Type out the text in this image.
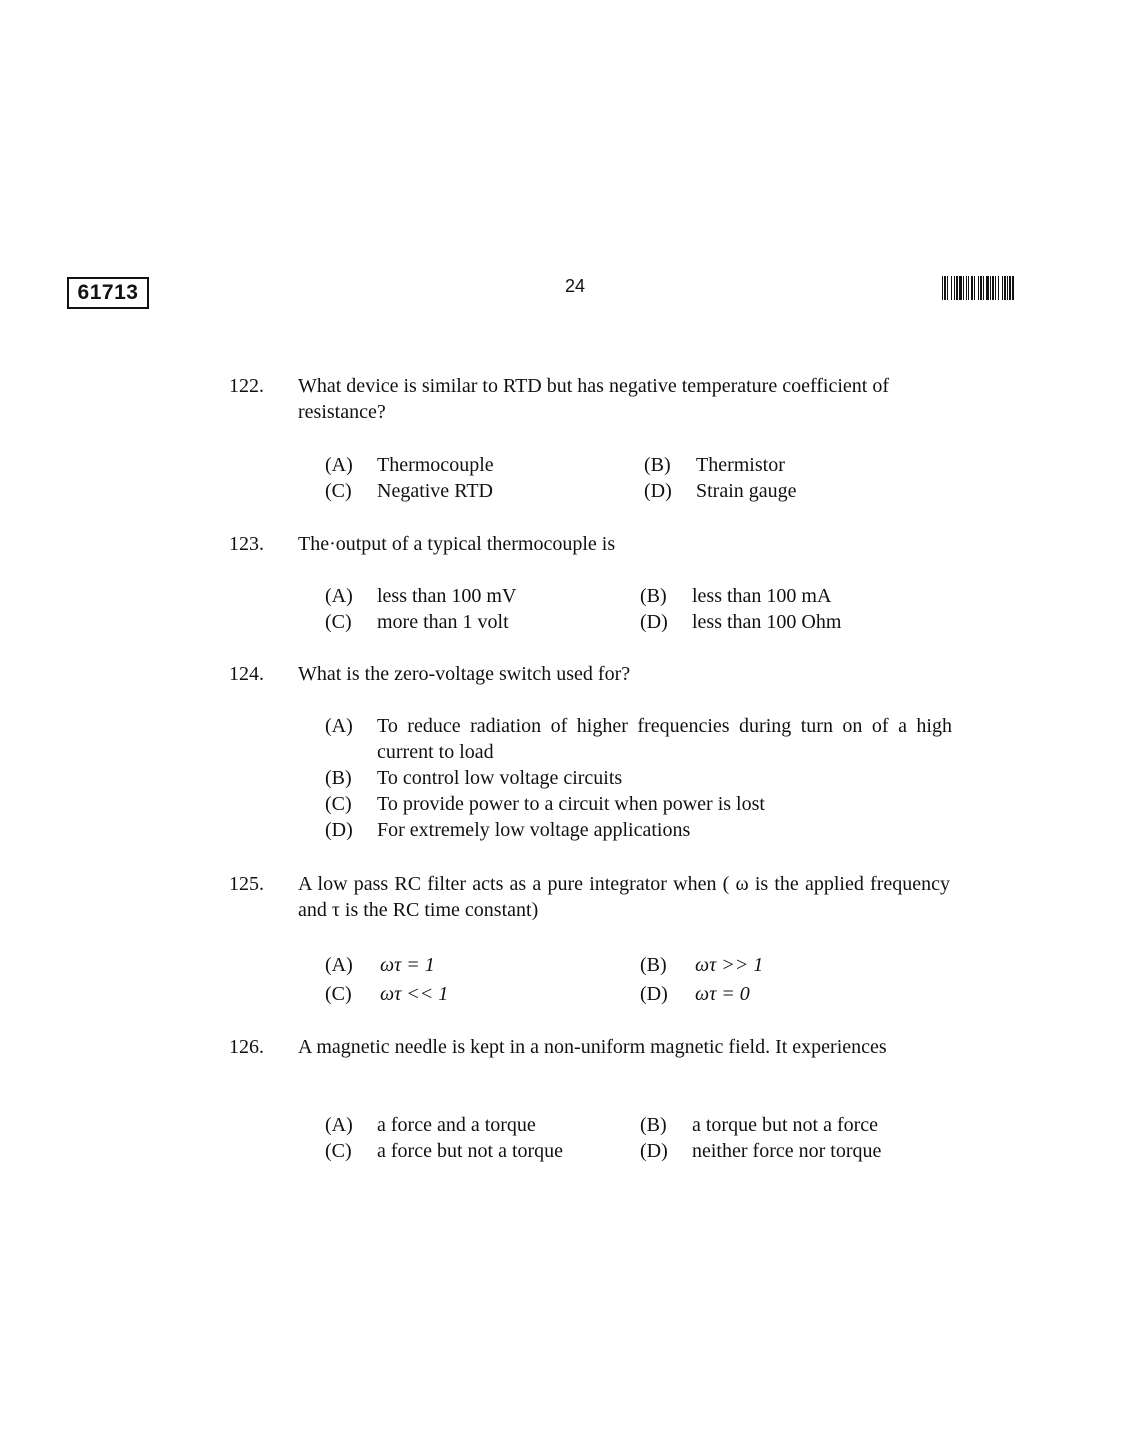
61713	24
122. What device is similar to RTD but has negative temperature coefficient of resistance?
(A) Thermocouple	(B) Thermistor
(C) Negative RTD	(D) Strain gauge
123. The·output of a typical thermocouple is
(A) less than 100 mV	(B) less than 100 mA
(C) more than 1 volt	(D) less than 100 Ohm
124. What is the zero-voltage switch used for?
(A) To reduce radiation of higher frequencies during turn on of a high current to load
(B) To control low voltage circuits
(C) To provide power to a circuit when power is lost
(D) For extremely low voltage applications
125. A low pass RC filter acts as a pure integrator when ( ω is the applied frequency and τ is the RC time constant)
(A) ωτ = 1	(B) ωτ >> 1
(C) ωτ << 1	(D) ωτ = 0
126. A magnetic needle is kept in a non-uniform magnetic field. It experiences
(A) a force and a torque	(B) a torque but not a force
(C) a force but not a torque	(D) neither force nor torque
